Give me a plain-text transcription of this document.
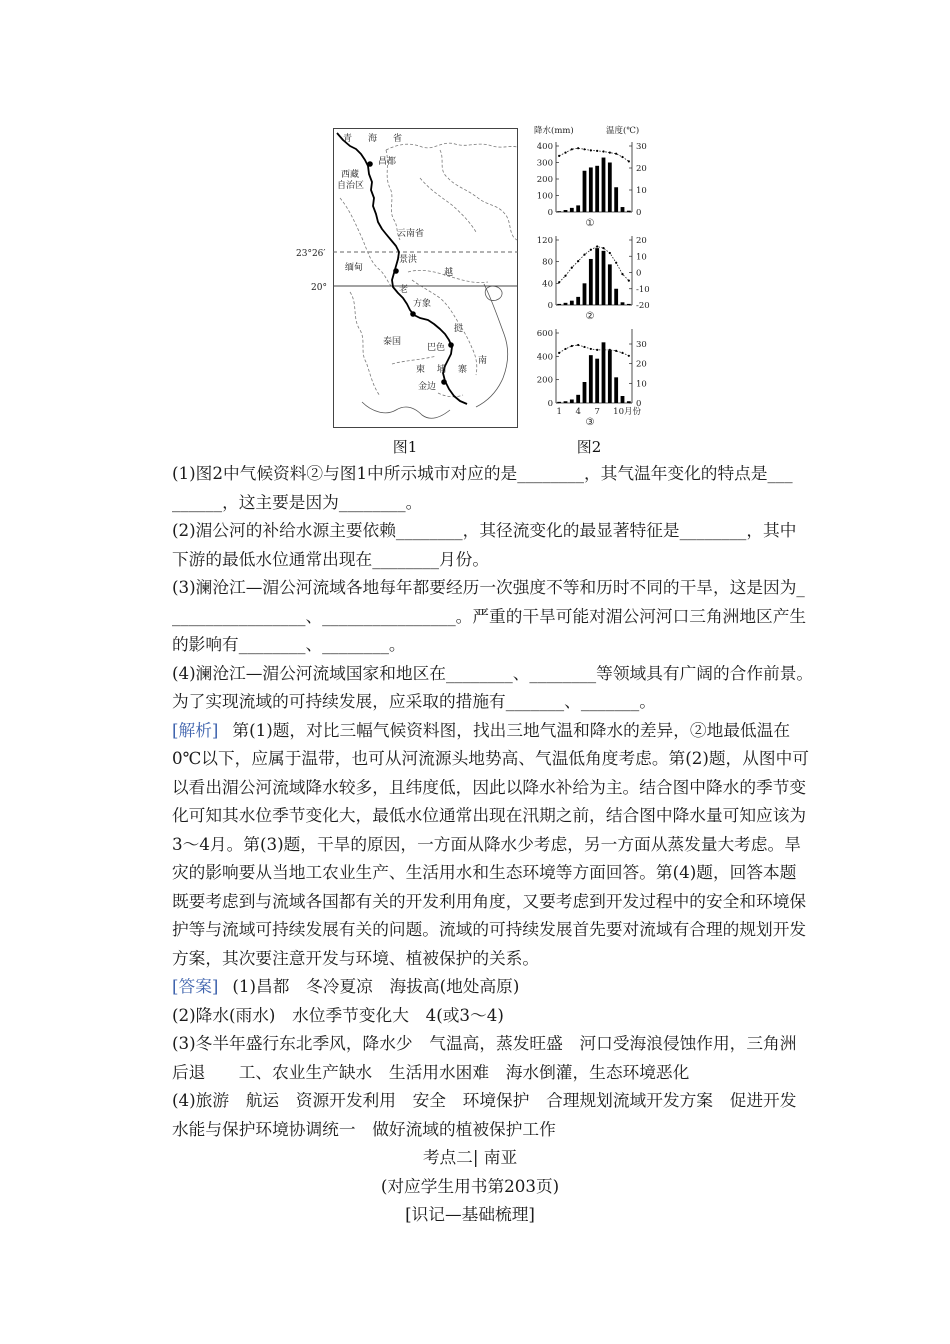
23°26′
20°
青海省
昌都
西藏
自治区
云南省
缅甸
景洪
越
老
方象
挝
泰国
巴色
南
柬埔寨
金边
图1
降水(mm)	温度(℃)
400
300
200
100
0
30
20
10
0
①
120
80
40
0
20
10
0
-10
-20
②
600
400
200
0
30
20
10
0
1 4 7 10月份
③
图2
(1)图2中气候资料②与图1中所示城市对应的是________，其气温年变化的特点是___
______，这主要是因为________。
(2)湄公河的补给水源主要依赖________，其径流变化的最显著特征是________，其中
下游的最低水位通常出现在________月份。
(3)澜沧江—湄公河流域各地每年都要经历一次强度不等和历时不同的干旱，这是因为_
________________、________________。严重的干旱可能对湄公河河口三角洲地区产生
的影响有________、________。
(4)澜沧江—湄公河流域国家和地区在________、________等领域具有广阔的合作前景。
为了实现流域的可持续发展，应采取的措施有_______、_______。
[解析] 第(1)题，对比三幅气候资料图，找出三地气温和降水的差异，②地最低温在
0℃以下，应属于温带，也可从河流源头地势高、气温低角度考虑。第(2)题，从图中可
以看出湄公河流域降水较多，且纬度低，因此以降水补给为主。结合图中降水的季节变
化可知其水位季节变化大，最低水位通常出现在汛期之前，结合图中降水量可知应该为
3～4月。第(3)题，干旱的原因，一方面从降水少考虑，另一方面从蒸发量大考虑。旱
灾的影响要从当地工农业生产、生活用水和生态环境等方面回答。第(4)题，回答本题
既要考虑到与流域各国都有关的开发利用角度，又要考虑到开发过程中的安全和环境保
护等与流域可持续发展有关的问题。流域的可持续发展首先要对流域有合理的规划开发
方案，其次要注意开发与环境、植被保护的关系。
[答案] (1)昌都　冬冷夏凉　海拔高(地处高原)
(2)降水(雨水)　水位季节变化大　4(或3～4)
(3)冬半年盛行东北季风，降水少　气温高，蒸发旺盛　河口受海浪侵蚀作用，三角洲
后退　　工、农业生产缺水　生活用水困难　海水倒灌，生态环境恶化
(4)旅游　航运　资源开发利用　安全　环境保护　合理规划流域开发方案　促进开发
水能与保护环境协调统一　做好流域的植被保护工作
考点二| 南亚
(对应学生用书第203页)
[识记—基础梳理]
